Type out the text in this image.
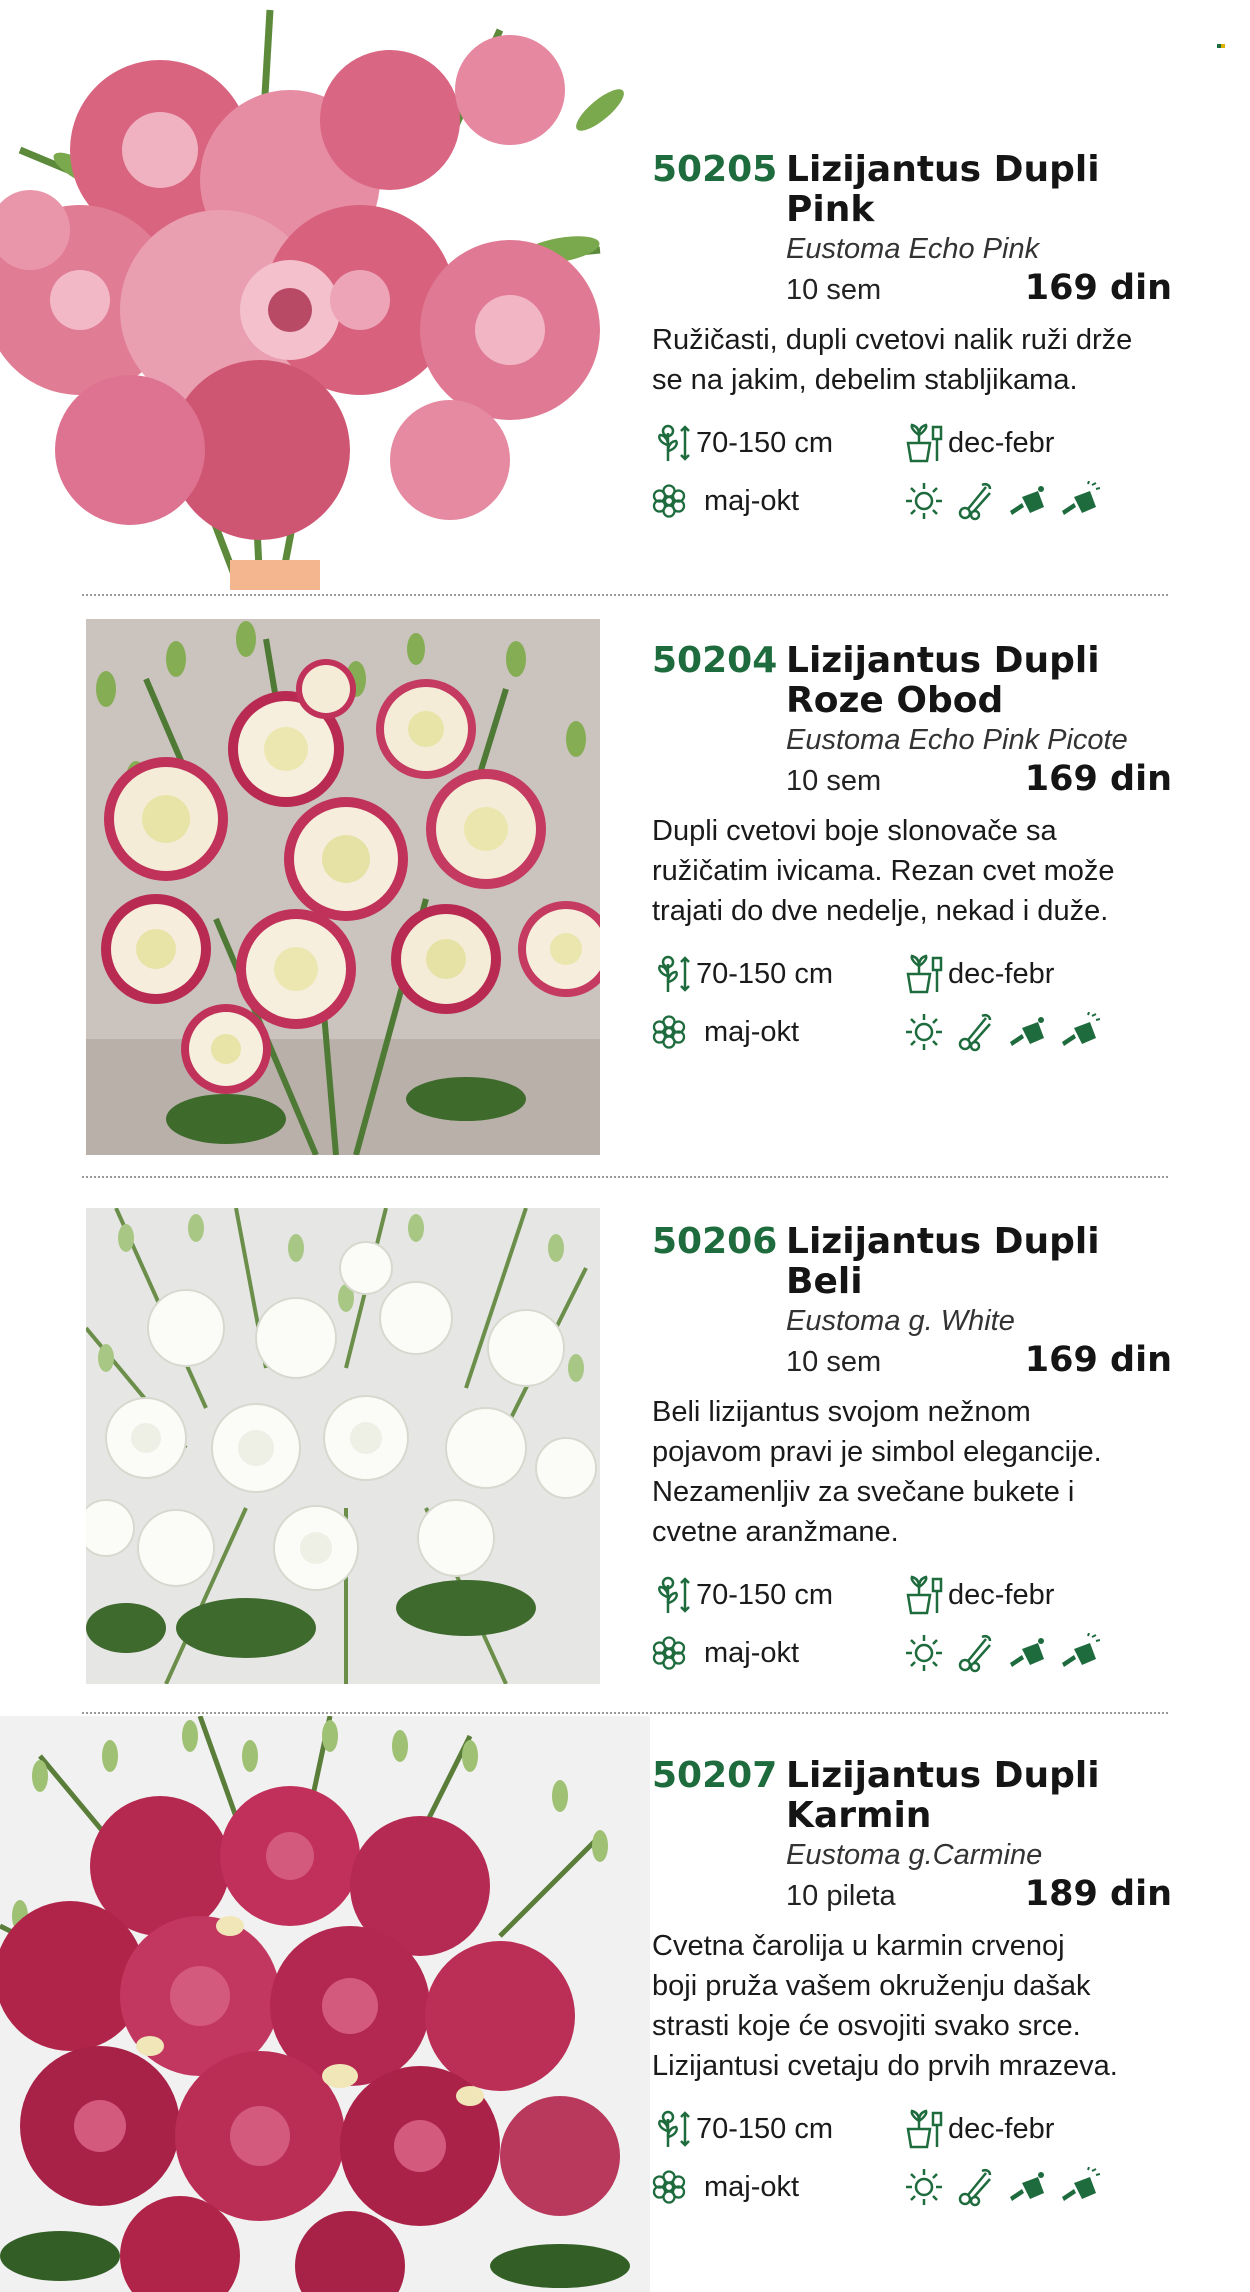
50205 Lizijantus Dupli
Pink
Eustoma Echo Pink
10 sem	169 din
Ružičasti, dupli cvetovi nalik ruži drže
se na jakim, debelim stabljikama.
70-150 cm	dec-febr
maj-okt
50204 Lizijantus Dupli
Roze Obod
Eustoma Echo Pink Picote
10 sem	169 din
Dupli cvetovi boje slonovače sa
ružičatim ivicama. Rezan cvet može
trajati do dve nedelje, nekad i duže.
70-150 cm	dec-febr
maj-okt
50206 Lizijantus Dupli
Beli
Eustoma g. White
10 sem	169 din
Beli lizijantus svojom nežnom
pojavom pravi je simbol elegancije.
Nezamenljiv za svečane bukete i
cvetne aranžmane.
70-150 cm	dec-febr
maj-okt
50207 Lizijantus Dupli
Karmin
Eustoma g.Carmine
10 pileta	189 din
Cvetna čarolija u karmin crvenoj
boji pruža vašem okruženju dašak
strasti koje će osvojiti svako srce.
Lizijantusi cvetaju do prvih mrazeva.
70-150 cm	dec-febr
maj-okt
